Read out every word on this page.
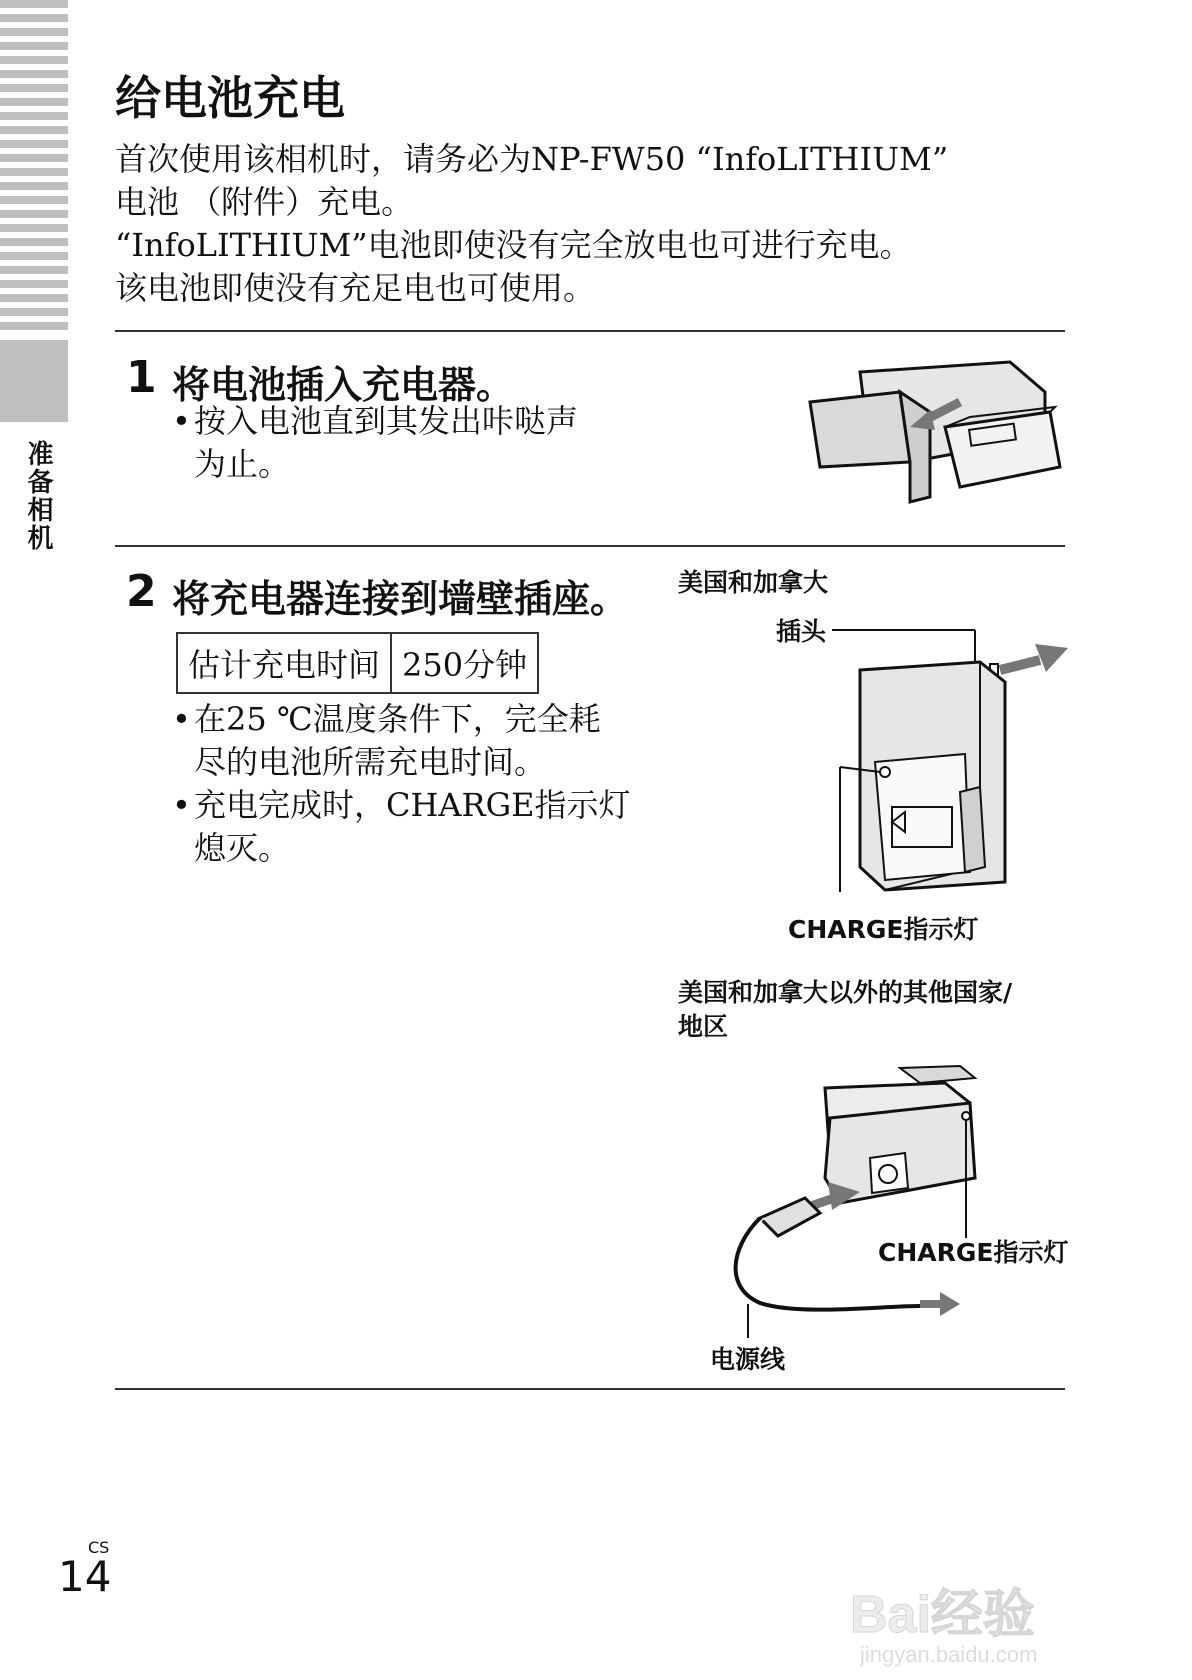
准备相机
给电池充电
首次使用该相机时，请务必为NP-FW50 “InfoLITHIUM”
电池 （附件）充电。
“InfoLITHIUM”电池即使没有完全放电也可进行充电。
该电池即使没有充足电也可使用。
1 将电池插入充电器。
• 按入电池直到其发出咔哒声
为止。
2 将充电器连接到墙壁插座。
估计充电时间	250分钟
• 在25 ℃温度条件下，完全耗
尽的电池所需充电时间。
• 充电完成时，CHARGE指示灯
熄灭。
美国和加拿大
插头
CHARGE指示灯
美国和加拿大以外的其他国家/
地区
CHARGE指示灯
电源线
CS
14
Bai经验
jingyan.baidu.com
